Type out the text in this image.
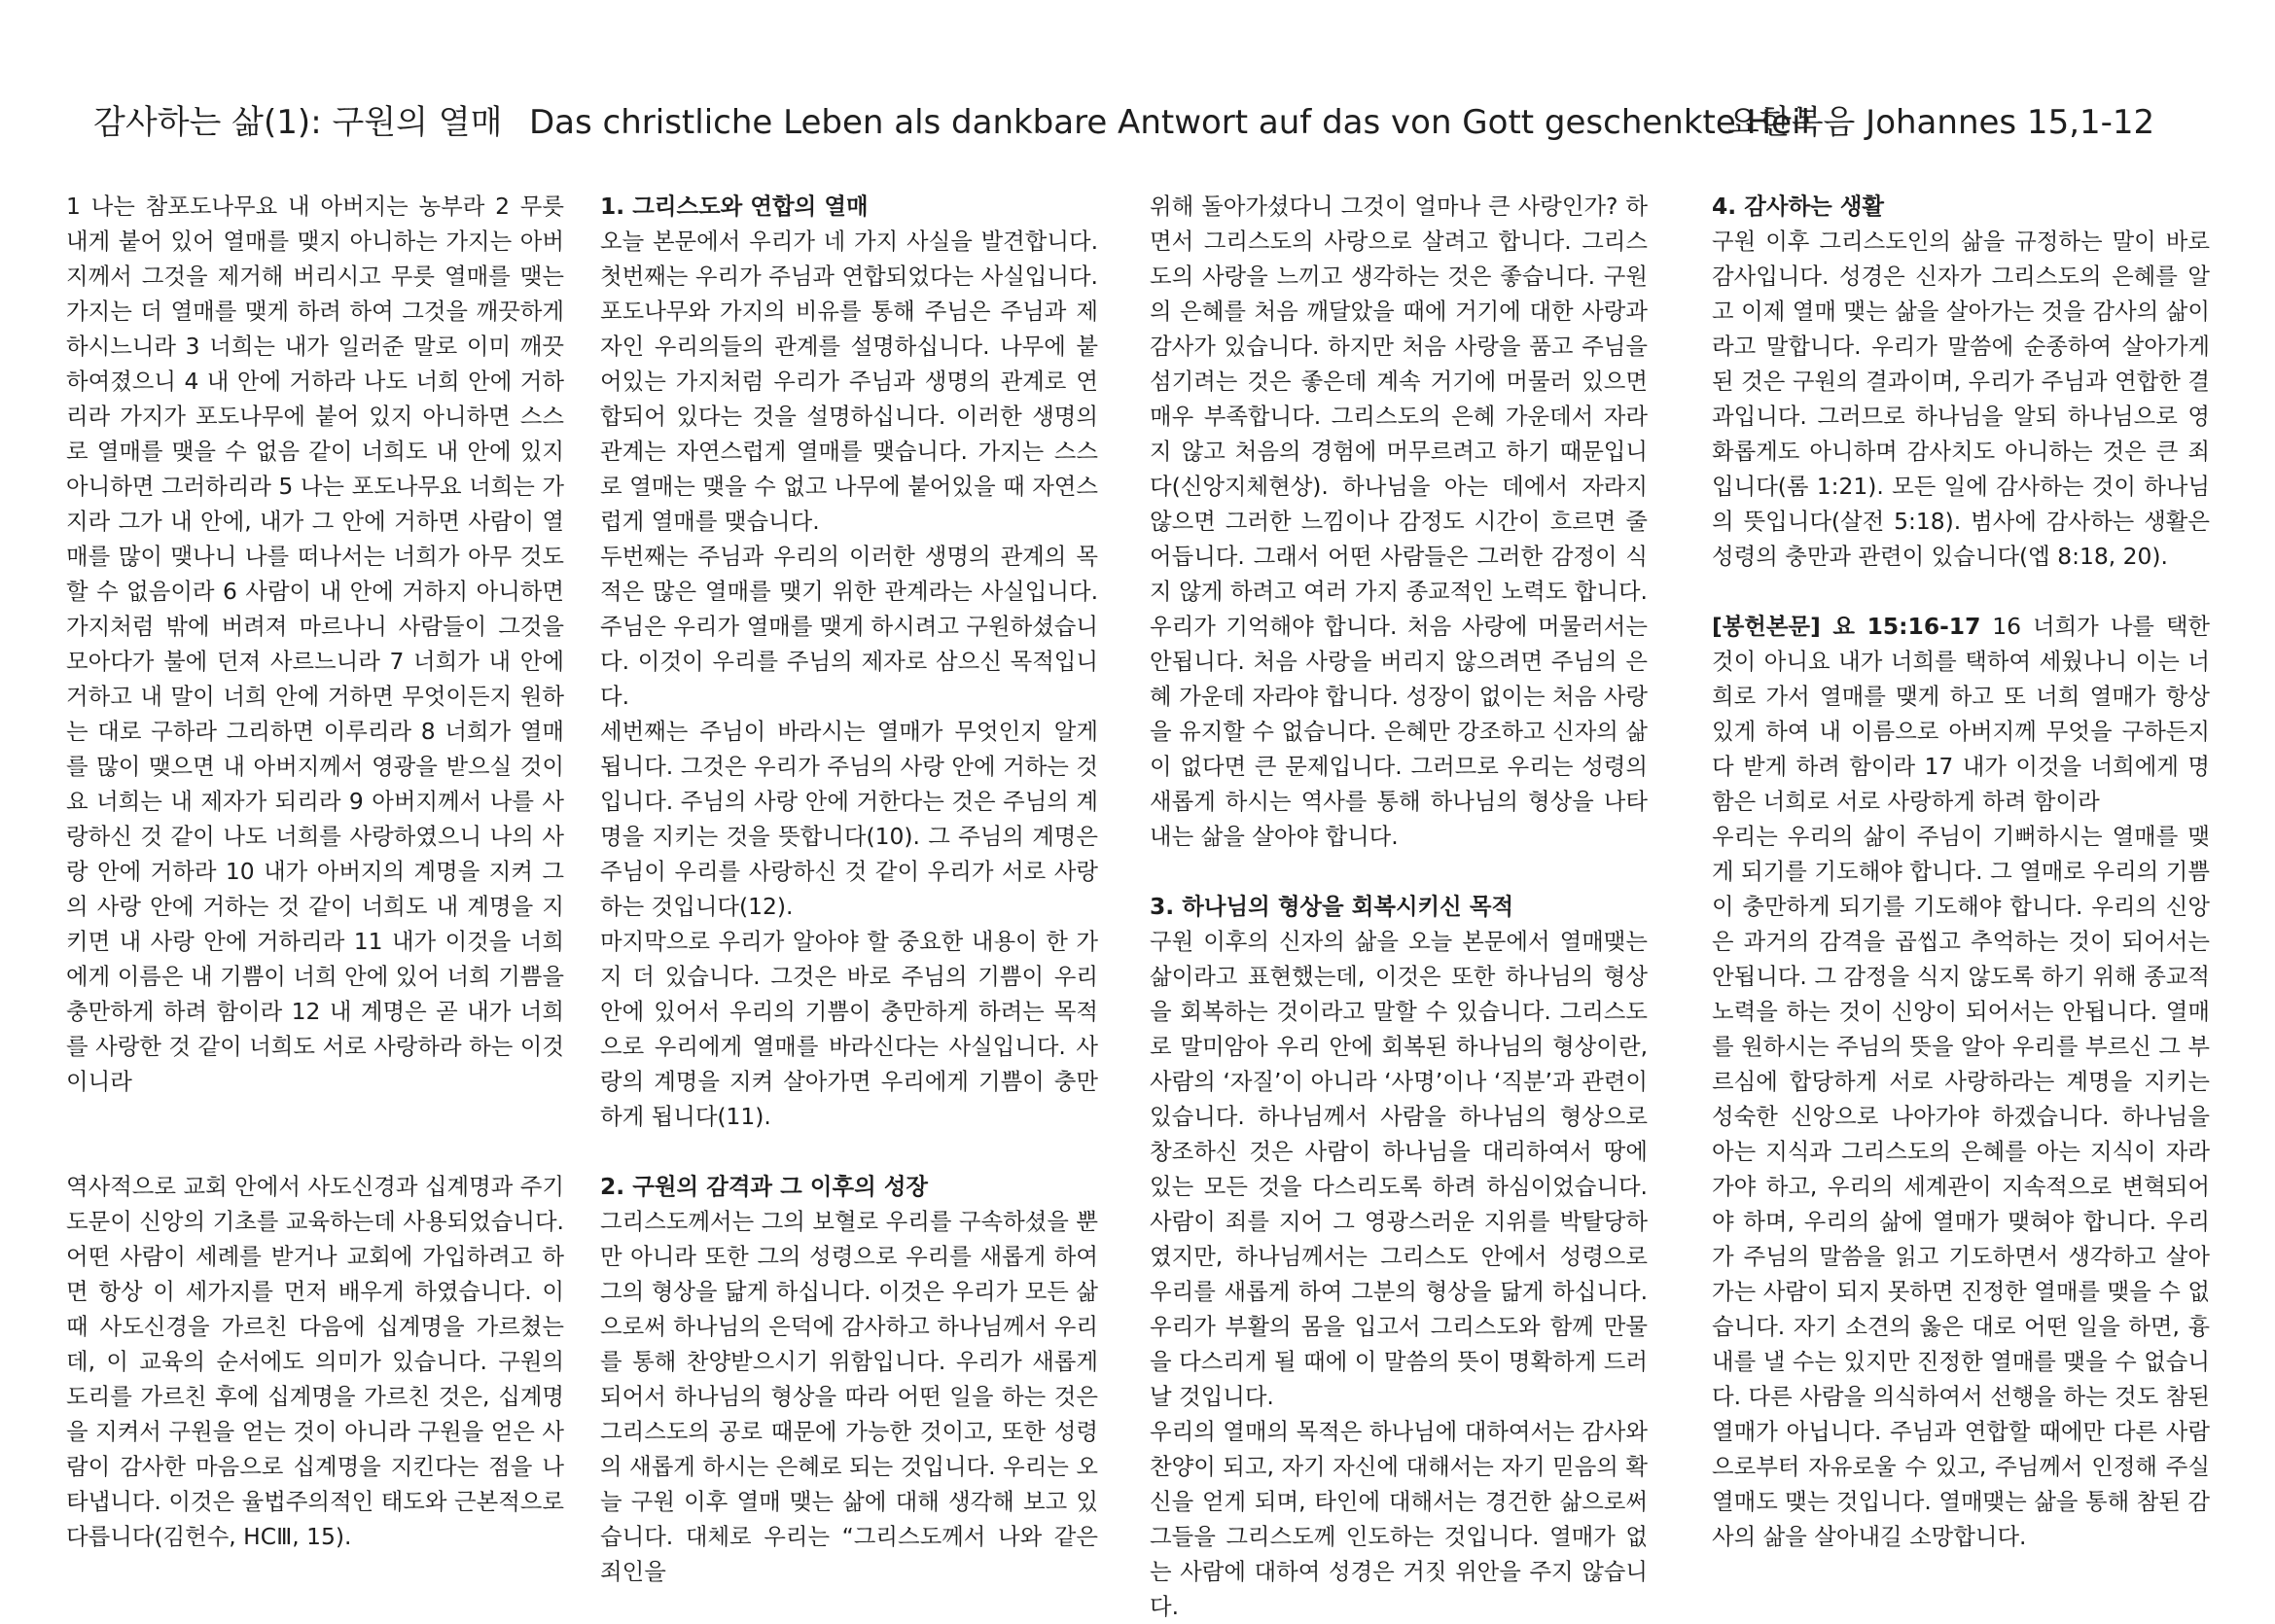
감사하는 삶(1): 구원의 열매 Das christliche Leben als dankbare Antwort auf das von Gott geschenkte Heil
요한복음 Johannes 15,1-12

1 나는 참포도나무요 내 아버지는 농부라 2 무릇 내게 붙어 있어 열매를 맺지 아니하는 가지는 아버지께서 그것을 제거해 버리시고 무릇 열매를 맺는 가지는 더 열매를 맺게 하려 하여 그것을 깨끗하게 하시느니라 3 너희는 내가 일러준 말로 이미 깨끗하여졌으니 4 내 안에 거하라 나도 너희 안에 거하리라 가지가 포도나무에 붙어 있지 아니하면 스스로 열매를 맺을 수 없음 같이 너희도 내 안에 있지 아니하면 그러하리라 5 나는 포도나무요 너희는 가지라 그가 내 안에, 내가 그 안에 거하면 사람이 열매를 많이 맺나니 나를 떠나서는 너희가 아무 것도 할 수 없음이라 6 사람이 내 안에 거하지 아니하면 가지처럼 밖에 버려져 마르나니 사람들이 그것을 모아다가 불에 던져 사르느니라 7 너희가 내 안에 거하고 내 말이 너희 안에 거하면 무엇이든지 원하는 대로 구하라 그리하면 이루리라 8 너희가 열매를 많이 맺으면 내 아버지께서 영광을 받으실 것이요 너희는 내 제자가 되리라 9 아버지께서 나를 사랑하신 것 같이 나도 너희를 사랑하였으니 나의 사랑 안에 거하라 10 내가 아버지의 계명을 지켜 그의 사랑 안에 거하는 것 같이 너희도 내 계명을 지키면 내 사랑 안에 거하리라 11 내가 이것을 너희에게 이름은 내 기쁨이 너희 안에 있어 너희 기쁨을 충만하게 하려 함이라 12 내 계명은 곧 내가 너희를 사랑한 것 같이 너희도 서로 사랑하라 하는 이것이니라

역사적으로 교회 안에서 사도신경과 십계명과 주기도문이 신앙의 기초를 교육하는데 사용되었습니다. 어떤 사람이 세례를 받거나 교회에 가입하려고 하면 항상 이 세가지를 먼저 배우게 하였습니다. 이 때 사도신경을 가르친 다음에 십계명을 가르쳤는데, 이 교육의 순서에도 의미가 있습니다. 구원의 도리를 가르친 후에 십계명을 가르친 것은, 십계명을 지켜서 구원을 얻는 것이 아니라 구원을 얻은 사람이 감사한 마음으로 십계명을 지킨다는 점을 나타냅니다. 이것은 율법주의적인 태도와 근본적으로 다릅니다(김헌수, HCⅢ, 15).

1. 그리스도와 연합의 열매

오늘 본문에서 우리가 네 가지 사실을 발견합니다. 첫번째는 우리가 주님과 연합되었다는 사실입니다. 포도나무와 가지의 비유를 통해 주님은 주님과 제자인 우리의들의 관계를 설명하십니다. 나무에 붙어있는 가지처럼 우리가 주님과 생명의 관계로 연합되어 있다는 것을 설명하십니다. 이러한 생명의 관계는 자연스럽게 열매를 맺습니다. 가지는 스스로 열매는 맺을 수 없고 나무에 붙어있을 때 자연스럽게 열매를 맺습니다.

두번째는 주님과 우리의 이러한 생명의 관계의 목적은 많은 열매를 맺기 위한 관계라는 사실입니다. 주님은 우리가 열매를 맺게 하시려고 구원하셨습니다. 이것이 우리를 주님의 제자로 삼으신 목적입니다.

세번째는 주님이 바라시는 열매가 무엇인지 알게 됩니다. 그것은 우리가 주님의 사랑 안에 거하는 것입니다. 주님의 사랑 안에 거한다는 것은 주님의 계명을 지키는 것을 뜻합니다(10). 그 주님의 계명은 주님이 우리를 사랑하신 것 같이 우리가 서로 사랑하는 것입니다(12).

마지막으로 우리가 알아야 할 중요한 내용이 한 가지 더 있습니다. 그것은 바로 주님의 기쁨이 우리 안에 있어서 우리의 기쁨이 충만하게 하려는 목적으로 우리에게 열매를 바라신다는 사실입니다. 사랑의 계명을 지켜 살아가면 우리에게 기쁨이 충만하게 됩니다(11).

2. 구원의 감격과 그 이후의 성장

그리스도께서는 그의 보혈로 우리를 구속하셨을 뿐만 아니라 또한 그의 성령으로 우리를 새롭게 하여 그의 형상을 닮게 하십니다. 이것은 우리가 모든 삶으로써 하나님의 은덕에 감사하고 하나님께서 우리를 통해 찬양받으시기 위함입니다. 우리가 새롭게 되어서 하나님의 형상을 따라 어떤 일을 하는 것은 그리스도의 공로 때문에 가능한 것이고, 또한 성령의 새롭게 하시는 은혜로 되는 것입니다. 우리는 오늘 구원 이후 열매 맺는 삶에 대해 생각해 보고 있습니다. 대체로 우리는 “그리스도께서 나와 같은 죄인을

위해 돌아가셨다니 그것이 얼마나 큰 사랑인가? 하면서 그리스도의 사랑으로 살려고 합니다. 그리스도의 사랑을 느끼고 생각하는 것은 좋습니다. 구원의 은혜를 처음 깨달았을 때에 거기에 대한 사랑과 감사가 있습니다. 하지만 처음 사랑을 품고 주님을 섬기려는 것은 좋은데 계속 거기에 머물러 있으면 매우 부족합니다. 그리스도의 은혜 가운데서 자라지 않고 처음의 경험에 머무르려고 하기 때문입니다(신앙지체현상). 하나님을 아는 데에서 자라지 않으면 그러한 느낌이나 감정도 시간이 흐르면 줄어듭니다. 그래서 어떤 사람들은 그러한 감정이 식지 않게 하려고 여러 가지 종교적인 노력도 합니다. 우리가 기억해야 합니다. 처음 사랑에 머물러서는 안됩니다. 처음 사랑을 버리지 않으려면 주님의 은혜 가운데 자라야 합니다. 성장이 없이는 처음 사랑을 유지할 수 없습니다. 은혜만 강조하고 신자의 삶이 없다면 큰 문제입니다. 그러므로 우리는 성령의 새롭게 하시는 역사를 통해 하나님의 형상을 나타내는 삶을 살아야 합니다.

3. 하나님의 형상을 회복시키신 목적

구원 이후의 신자의 삶을 오늘 본문에서 열매맺는 삶이라고 표현했는데, 이것은 또한 하나님의 형상을 회복하는 것이라고 말할 수 있습니다. 그리스도로 말미암아 우리 안에 회복된 하나님의 형상이란, 사람의 ‘자질’이 아니라 ‘사명’이나 ‘직분’과 관련이 있습니다. 하나님께서 사람을 하나님의 형상으로 창조하신 것은 사람이 하나님을 대리하여서 땅에 있는 모든 것을 다스리도록 하려 하심이었습니다. 사람이 죄를 지어 그 영광스러운 지위를 박탈당하였지만, 하나님께서는 그리스도 안에서 성령으로 우리를 새롭게 하여 그분의 형상을 닮게 하십니다. 우리가 부활의 몸을 입고서 그리스도와 함께 만물을 다스리게 될 때에 이 말씀의 뜻이 명확하게 드러날 것입니다.

우리의 열매의 목적은 하나님에 대하여서는 감사와 찬양이 되고, 자기 자신에 대해서는 자기 믿음의 확신을 얻게 되며, 타인에 대해서는 경건한 삶으로써 그들을 그리스도께 인도하는 것입니다. 열매가 없는 사람에 대하여 성경은 거짓 위안을 주지 않습니다.

4. 감사하는 생활

구원 이후 그리스도인의 삶을 규정하는 말이 바로 감사입니다. 성경은 신자가 그리스도의 은혜를 알고 이제 열매 맺는 삶을 살아가는 것을 감사의 삶이라고 말합니다. 우리가 말씀에 순종하여 살아가게 된 것은 구원의 결과이며, 우리가 주님과 연합한 결과입니다. 그러므로 하나님을 알되 하나님으로 영화롭게도 아니하며 감사치도 아니하는 것은 큰 죄입니다(롬 1:21). 모든 일에 감사하는 것이 하나님의 뜻입니다(살전 5:18). 범사에 감사하는 생활은 성령의 충만과 관련이 있습니다(엡 8:18, 20).

[봉헌본문] 요 15:16-17 16 너희가 나를 택한 것이 아니요 내가 너희를 택하여 세웠나니 이는 너희로 가서 열매를 맺게 하고 또 너희 열매가 항상 있게 하여 내 이름으로 아버지께 무엇을 구하든지 다 받게 하려 함이라 17 내가 이것을 너희에게 명함은 너희로 서로 사랑하게 하려 함이라

우리는 우리의 삶이 주님이 기뻐하시는 열매를 맺게 되기를 기도해야 합니다. 그 열매로 우리의 기쁨이 충만하게 되기를 기도해야 합니다. 우리의 신앙은 과거의 감격을 곱씹고 추억하는 것이 되어서는 안됩니다. 그 감정을 식지 않도록 하기 위해 종교적 노력을 하는 것이 신앙이 되어서는 안됩니다. 열매를 원하시는 주님의 뜻을 알아 우리를 부르신 그 부르심에 합당하게 서로 사랑하라는 계명을 지키는 성숙한 신앙으로 나아가야 하겠습니다. 하나님을 아는 지식과 그리스도의 은혜를 아는 지식이 자라가야 하고, 우리의 세계관이 지속적으로 변혁되어야 하며, 우리의 삶에 열매가 맺혀야 합니다. 우리가 주님의 말씀을 읽고 기도하면서 생각하고 살아가는 사람이 되지 못하면 진정한 열매를 맺을 수 없습니다. 자기 소견의 옳은 대로 어떤 일을 하면, 흉내를 낼 수는 있지만 진정한 열매를 맺을 수 없습니다. 다른 사람을 의식하여서 선행을 하는 것도 참된 열매가 아닙니다. 주님과 연합할 때에만 다른 사람으로부터 자유로울 수 있고, 주님께서 인정해 주실 열매도 맺는 것입니다. 열매맺는 삶을 통해 참된 감사의 삶을 살아내길 소망합니다.
